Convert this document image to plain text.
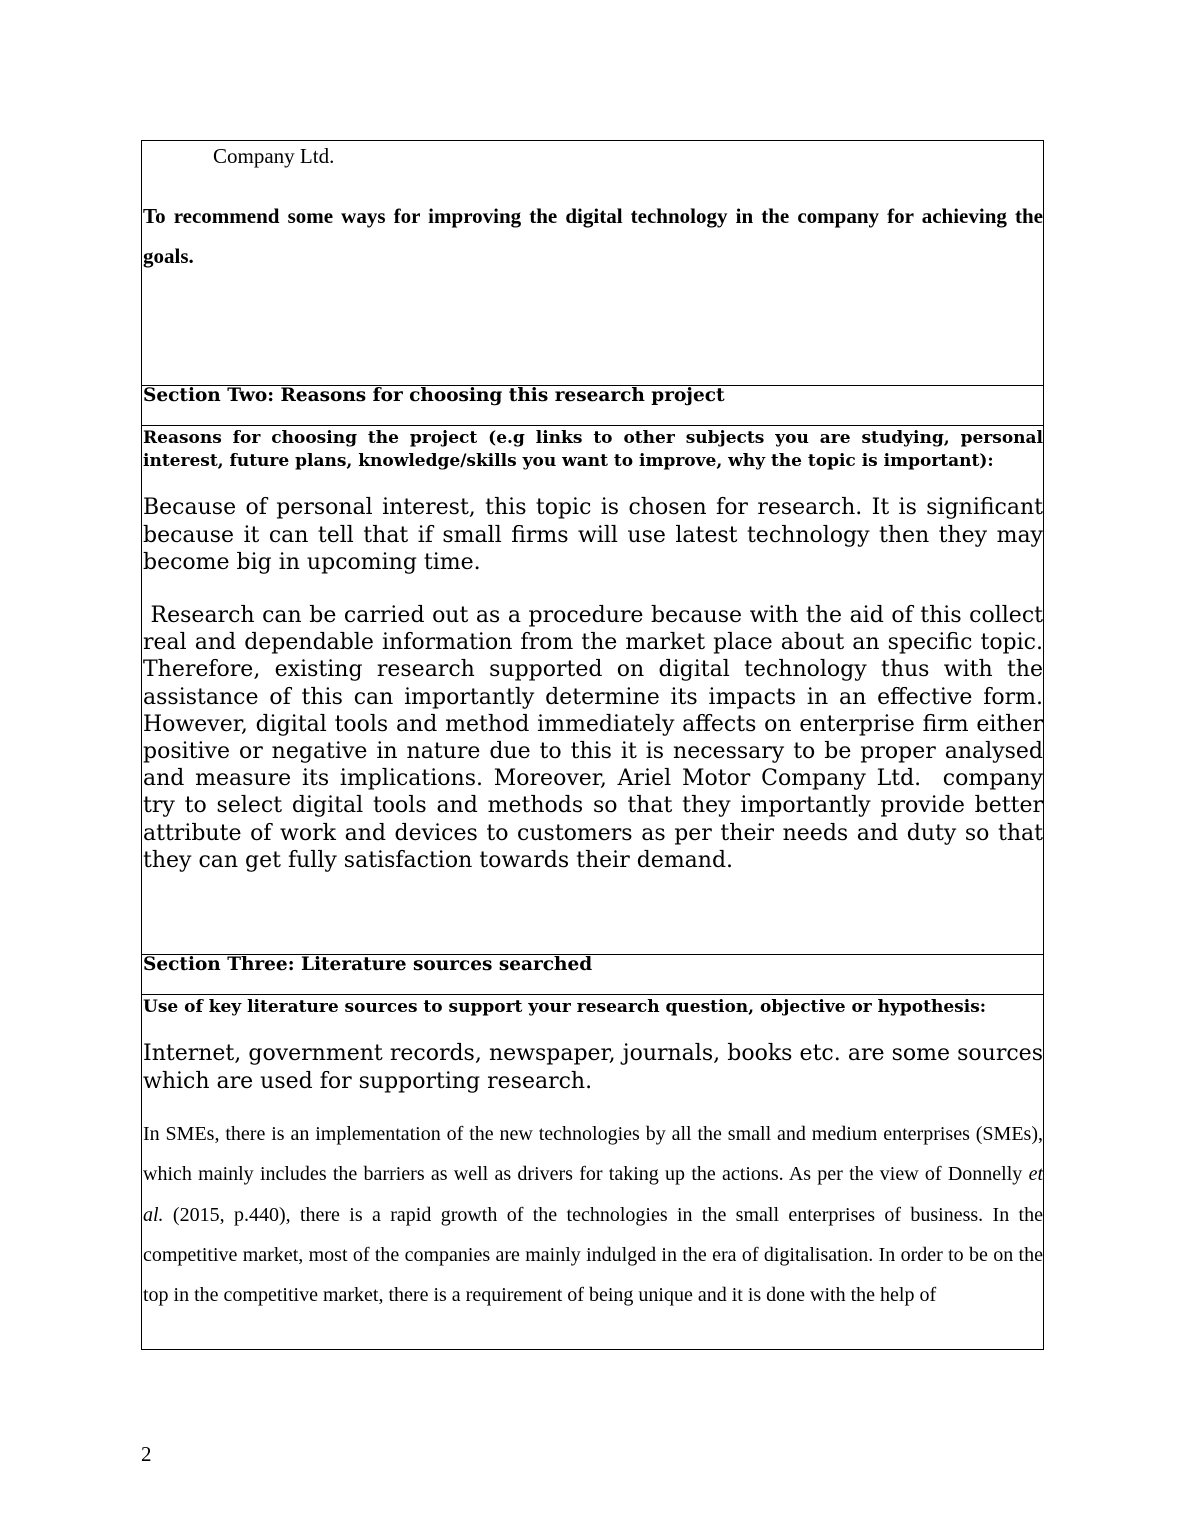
Company Ltd.

To recommend some ways for improving the digital technology in the company for achieving the goals.

Section Two: Reasons for choosing this research project

Reasons for choosing the project (e.g links to other subjects you are studying, personal interest, future plans, knowledge/skills you want to improve, why the topic is important):

Because of personal interest, this topic is chosen for research. It is significant because it can tell that if small firms will use latest technology then they may become big in upcoming time.

Research can be carried out as a procedure because with the aid of this collect real and dependable information from the market place about an specific topic. Therefore, existing research supported on digital technology thus with the assistance of this can importantly determine its impacts in an effective form. However, digital tools and method immediately affects on enterprise firm either positive or negative in nature due to this it is necessary to be proper analysed and measure its implications. Moreover, Ariel Motor Company Ltd.  company try to select digital tools and methods so that they importantly provide better attribute of work and devices to customers as per their needs and duty so that they can get fully satisfaction towards their demand.

Section Three: Literature sources searched

Use of key literature sources to support your research question, objective or hypothesis:

Internet, government records, newspaper, journals, books etc. are some sources which are used for supporting research.

In SMEs, there is an implementation of the new technologies by all the small and medium enterprises (SMEs), which mainly includes the barriers as well as drivers for taking up the actions. As per the view of Donnelly et al. (2015, p.440), there is a rapid growth of the technologies in the small enterprises of business. In the competitive market, most of the companies are mainly indulged in the era of digitalisation. In order to be on the top in the competitive market, there is a requirement of being unique and it is done with the help of

2
